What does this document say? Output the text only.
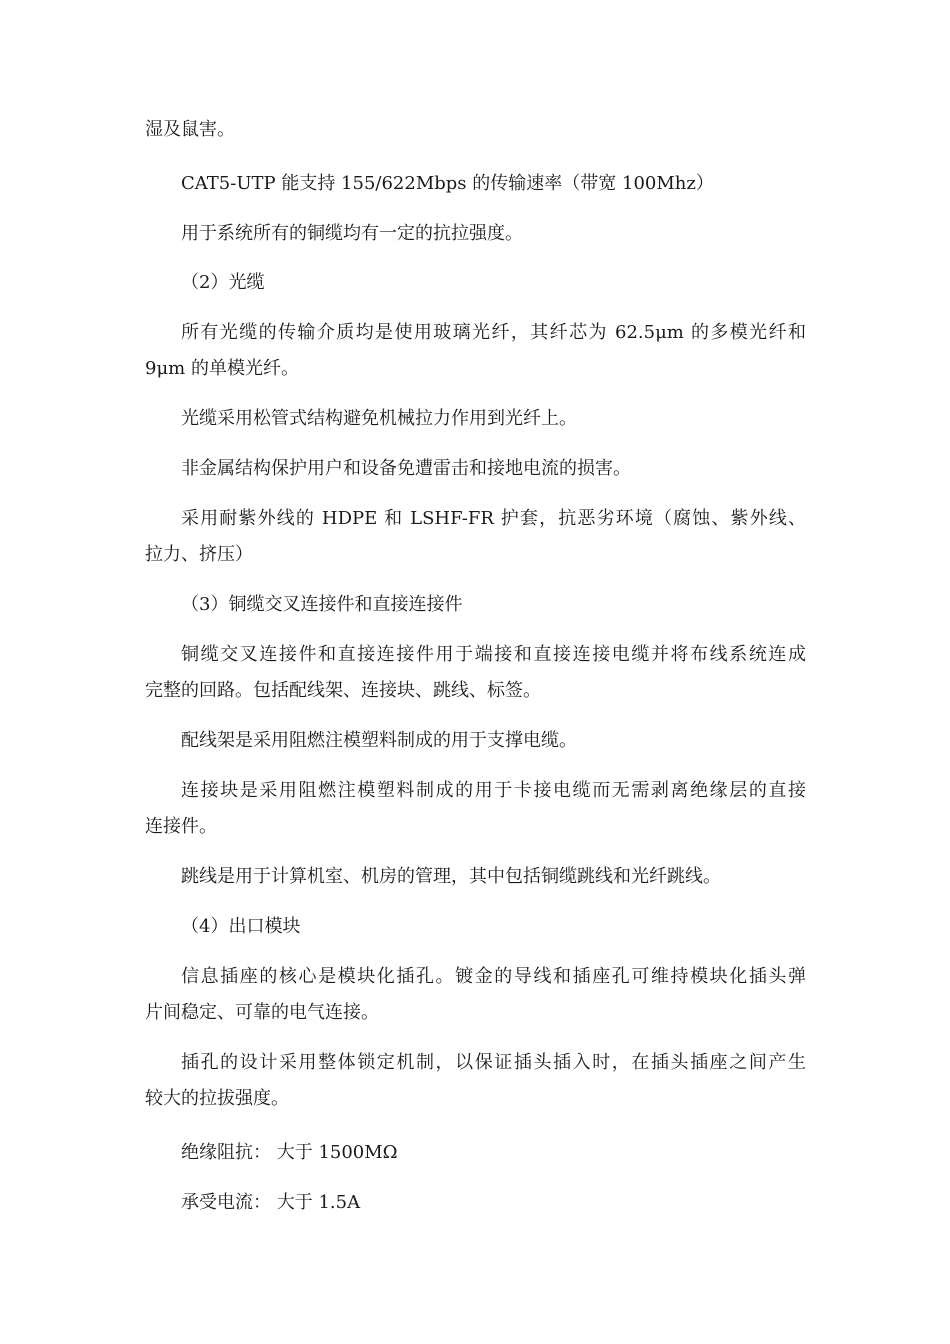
湿及鼠害。
CAT5-UTP 能支持 155/622Mbps 的传输速率（带宽 100Mhz）
用于系统所有的铜缆均有一定的抗拉强度。
（2）光缆
所有光缆的传输介质均是使用玻璃光纤，其纤芯为 62.5μm 的多模光纤和
9μm 的单模光纤。
光缆采用松管式结构避免机械拉力作用到光纤上。
非金属结构保护用户和设备免遭雷击和接地电流的损害。
采用耐紫外线的 HDPE 和 LSHF-FR 护套，抗恶劣环境（腐蚀、紫外线、
拉力、挤压）
（3）铜缆交叉连接件和直接连接件
铜缆交叉连接件和直接连接件用于端接和直接连接电缆并将布线系统连成
完整的回路。包括配线架、连接块、跳线、标签。
配线架是采用阻燃注模塑料制成的用于支撑电缆。
连接块是采用阻燃注模塑料制成的用于卡接电缆而无需剥离绝缘层的直接
连接件。
跳线是用于计算机室、机房的管理，其中包括铜缆跳线和光纤跳线。
（4）出口模块
信息插座的核心是模块化插孔。镀金的导线和插座孔可维持模块化插头弹
片间稳定、可靠的电气连接。
插孔的设计采用整体锁定机制，以保证插头插入时，在插头插座之间产生
较大的拉拔强度。
绝缘阻抗： 大于 1500MΩ
承受电流： 大于 1.5A
